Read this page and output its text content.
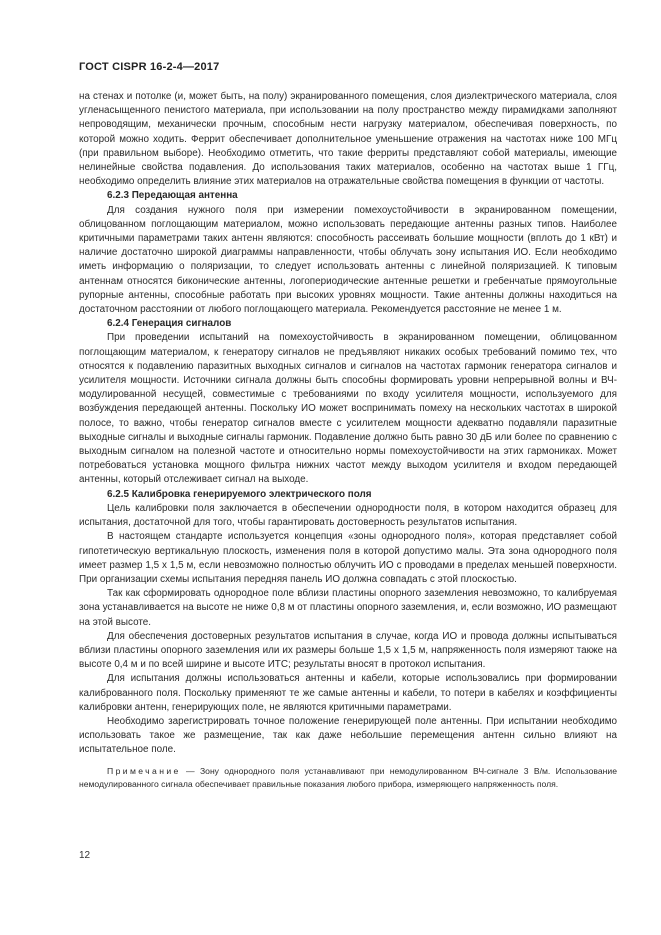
ГОСТ CISPR 16-2-4—2017

на стенах и потолке (и, может быть, на полу) экранированного помещения, слоя диэлектрического материала, слоя угленасыщенного пенистого материала, при использовании на полу пространство между пирамидками заполняют непроводящим, механически прочным, способным нести нагрузку материалом, обеспечивая поверхность, по которой можно ходить. Феррит обеспечивает дополнительное уменьшение отражения на частотах ниже 100 МГц (при правильном выборе). Необходимо отметить, что такие ферриты представляют собой материалы, имеющие нелинейные свойства подавления. До использования таких материалов, особенно на частотах выше 1 ГГц, необходимо определить влияние этих материалов на отражательные свойства помещения в функции от частоты.

6.2.3 Передающая антенна

Для создания нужного поля при измерении помехоустойчивости в экранированном помещении, облицованном поглощающим материалом, можно использовать передающие антенны разных типов. Наиболее критичными параметрами таких антенн являются: способность рассеивать большие мощности (вплоть до 1 кВт) и наличие достаточно широкой диаграммы направленности, чтобы облучать зону испытания ИО. Если необходимо иметь информацию о поляризации, то следует использовать антенны с линейной поляризацией. К типовым антеннам относятся биконические антенны, логопериодические антенные решетки и гребенчатые прямоугольные рупорные антенны, способные работать при высоких уровнях мощности. Такие антенны должны находиться на достаточном расстоянии от любого поглощающего материала. Рекомендуется расстояние не менее 1 м.

6.2.4 Генерация сигналов

При проведении испытаний на помехоустойчивость в экранированном помещении, облицованном поглощающим материалом, к генератору сигналов не предъявляют никаких особых требований помимо тех, что относятся к подавлению паразитных выходных сигналов и сигналов на частотах гармоник генератора сигналов и усилителя мощности. Источники сигнала должны быть способны формировать уровни непрерывной волны и ВЧ-модулированной несущей, совместимые с требованиями по входу усилителя мощности, используемого для возбуждения передающей антенны. Поскольку ИО может воспринимать помеху на нескольких частотах в широкой полосе, то важно, чтобы генератор сигналов вместе с усилителем мощности адекватно подавляли паразитные выходные сигналы и выходные сигналы гармоник. Подавление должно быть равно 30 дБ или более по сравнению с выходным сигналом на полезной частоте и относительно нормы помехоустойчивости на этих гармониках. Может потребоваться установка мощного фильтра нижних частот между выходом усилителя и входом передающей антенны, который отслеживает сигнал на выходе.

6.2.5 Калибровка генерируемого электрического поля

Цель калибровки поля заключается в обеспечении однородности поля, в котором находится образец для испытания, достаточной для того, чтобы гарантировать достоверность результатов испытания.

В настоящем стандарте используется концепция «зоны однородного поля», которая представляет собой гипотетическую вертикальную плоскость, изменения поля в которой допустимо малы. Эта зона однородного поля имеет размер 1,5 х 1,5 м, если невозможно полностью облучить ИО с проводами в пределах меньшей поверхности. При организации схемы испытания передняя панель ИО должна совпадать с этой плоскостью.

Так как сформировать однородное поле вблизи пластины опорного заземления невозможно, то калибруемая зона устанавливается на высоте не ниже 0,8 м от пластины опорного заземления, и, если возможно, ИО размещают на этой высоте.

Для обеспечения достоверных результатов испытания в случае, когда ИО и провода должны испытываться вблизи пластины опорного заземления или их размеры больше 1,5 х 1,5 м, напряженность поля измеряют также на высоте 0,4 м и по всей ширине и высоте ИТС; результаты вносят в протокол испытания.

Для испытания должны использоваться антенны и кабели, которые использовались при формировании калиброванного поля. Поскольку применяют те же самые антенны и кабели, то потери в кабелях и коэффициенты калибровки антенн, генерирующих поле, не являются критичными параметрами.

Необходимо зарегистрировать точное положение генерирующей поле антенны. При испытании необходимо использовать такое же размещение, так как даже небольшие перемещения антенн сильно влияют на испытательное поле.

Примечание — Зону однородного поля устанавливают при немодулированном ВЧ-сигнале 3 В/м. Использование немодулированного сигнала обеспечивает правильные показания любого прибора, измеряющего напряженность поля.

12
